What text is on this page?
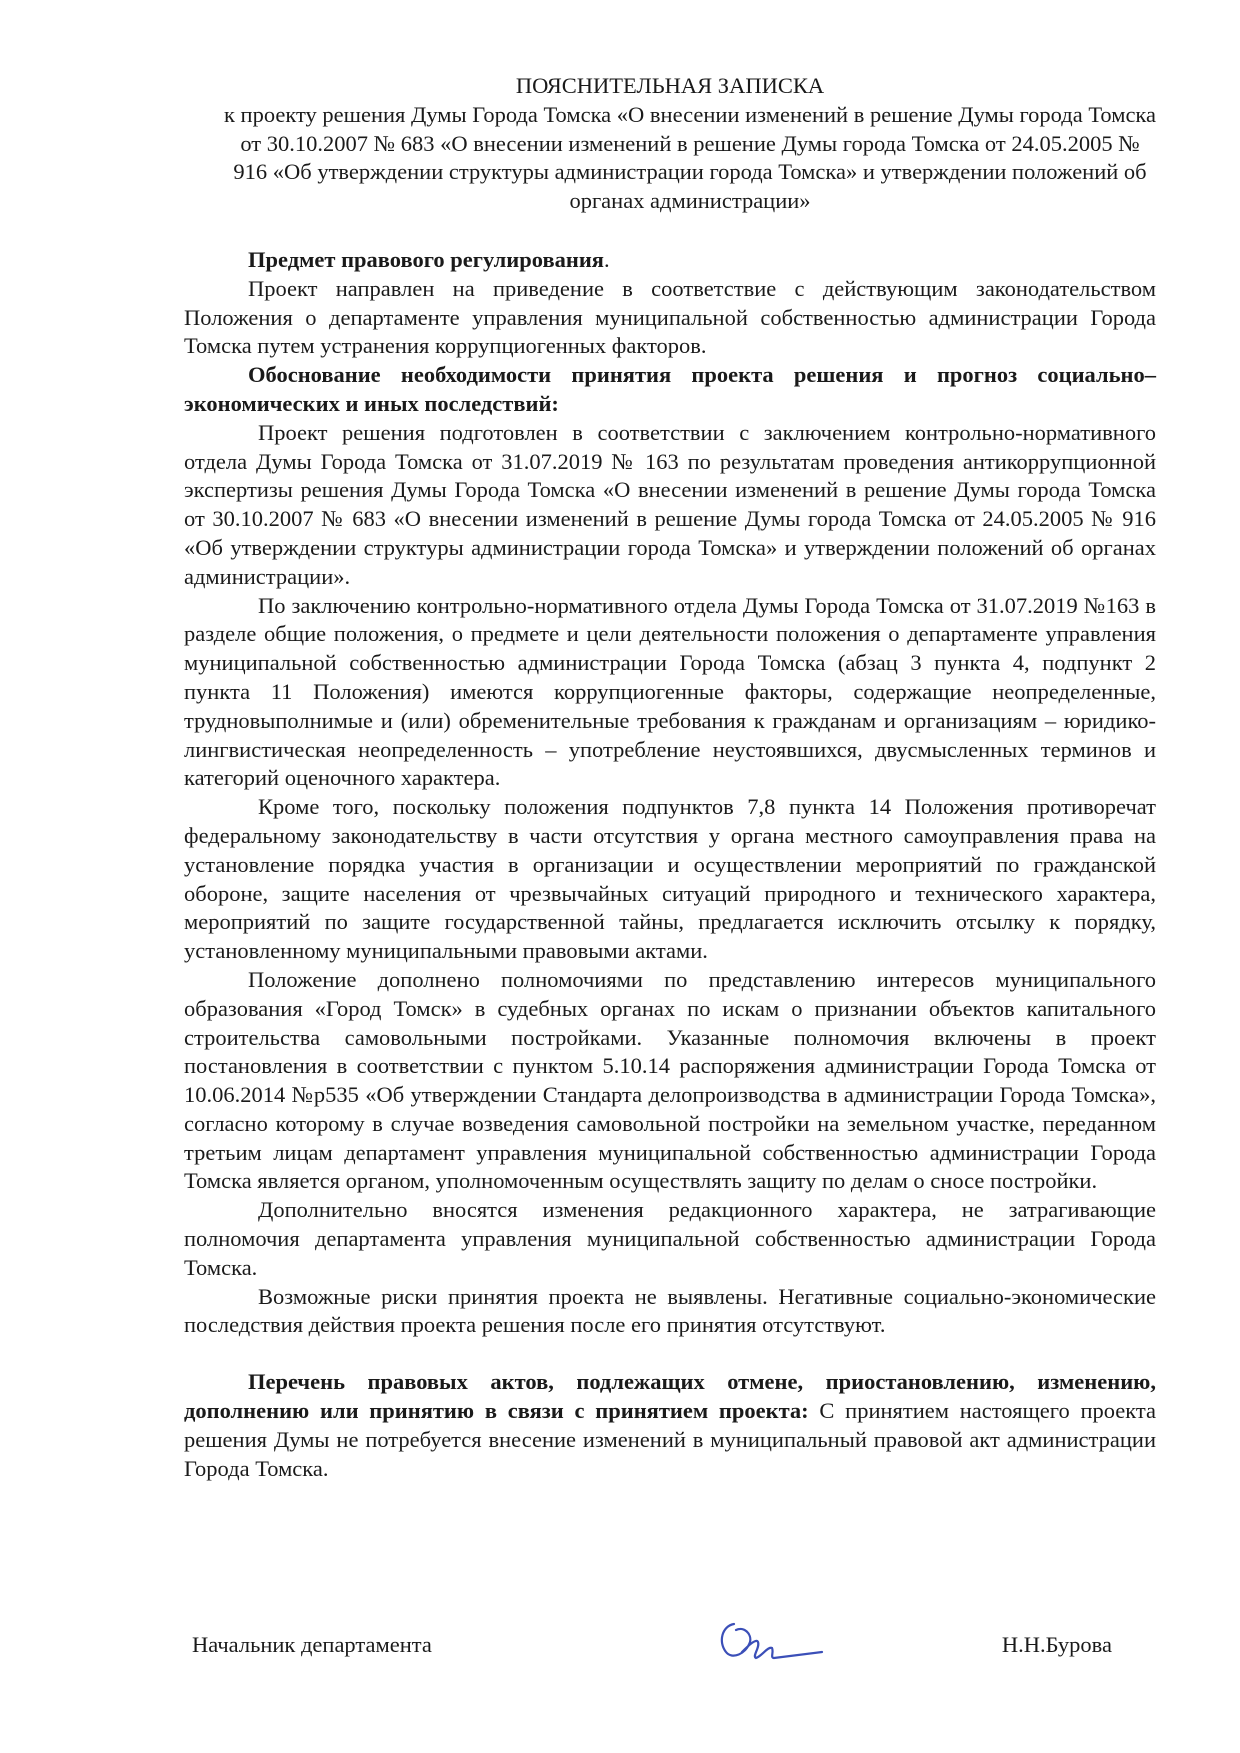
ПОЯСНИТЕЛЬНАЯ ЗАПИСКА

к проекту решения Думы Города Томска «О внесении изменений в решение Думы города Томска от 30.10.2007 № 683 «О внесении изменений в решение Думы города Томска от 24.05.2005 № 916 «Об утверждении структуры администрации города Томска» и утверждении положений об органах администрации»

Предмет правового регулирования.

Проект направлен на приведение в соответствие с действующим законодательством Положения о департаменте управления муниципальной собственностью администрации Города Томска путем устранения коррупциогенных факторов.

Обоснование необходимости принятия проекта решения и прогноз социально–экономических и иных последствий:

Проект решения подготовлен в соответствии с заключением контрольно-нормативного отдела Думы Города Томска от 31.07.2019 № 163 по результатам проведения антикоррупционной экспертизы решения Думы Города Томска «О внесении изменений в решение Думы города Томска от 30.10.2007 № 683 «О внесении изменений в решение Думы города Томска от 24.05.2005 № 916 «Об утверждении структуры администрации города Томска» и утверждении положений об органах администрации».

По заключению контрольно-нормативного отдела Думы Города Томска от 31.07.2019 №163 в разделе общие положения, о предмете и цели деятельности положения о департаменте управления муниципальной собственностью администрации Города Томска (абзац 3 пункта 4, подпункт 2 пункта 11 Положения) имеются коррупциогенные факторы, содержащие неопределенные, трудновыполнимые и (или) обременительные требования к гражданам и организациям – юридико-лингвистическая неопределенность – употребление неустоявшихся, двусмысленных терминов и категорий оценочного характера.

Кроме того, поскольку положения подпунктов 7,8 пункта 14 Положения противоречат федеральному законодательству в части отсутствия у органа местного самоуправления права на установление порядка участия в организации и осуществлении мероприятий по гражданской обороне, защите населения от чрезвычайных ситуаций природного и технического характера, мероприятий по защите государственной тайны, предлагается исключить отсылку к порядку, установленному муниципальными правовыми актами.

Положение дополнено полномочиями по представлению интересов муниципального образования «Город Томск» в судебных органах по искам о признании объектов капитального строительства самовольными постройками. Указанные полномочия включены в проект постановления в соответствии с пунктом 5.10.14 распоряжения администрации Города Томска от 10.06.2014 №р535 «Об утверждении Стандарта делопроизводства в администрации Города Томска», согласно которому в случае возведения самовольной постройки на земельном участке, переданном третьим лицам департамент управления муниципальной собственностью администрации Города Томска является органом, уполномоченным осуществлять защиту по делам о сносе постройки.

Дополнительно вносятся изменения редакционного характера, не затрагивающие полномочия департамента управления муниципальной собственностью администрации Города Томска.

Возможные риски принятия проекта не выявлены. Негативные социально-экономические последствия действия проекта решения после его принятия отсутствуют.

Перечень правовых актов, подлежащих отмене, приостановлению, изменению, дополнению или принятию в связи с принятием проекта: С принятием настоящего проекта решения Думы не потребуется внесение изменений в муниципальный правовой акт администрации Города Томска.

Начальник департамента	Н.Н.Бурова
